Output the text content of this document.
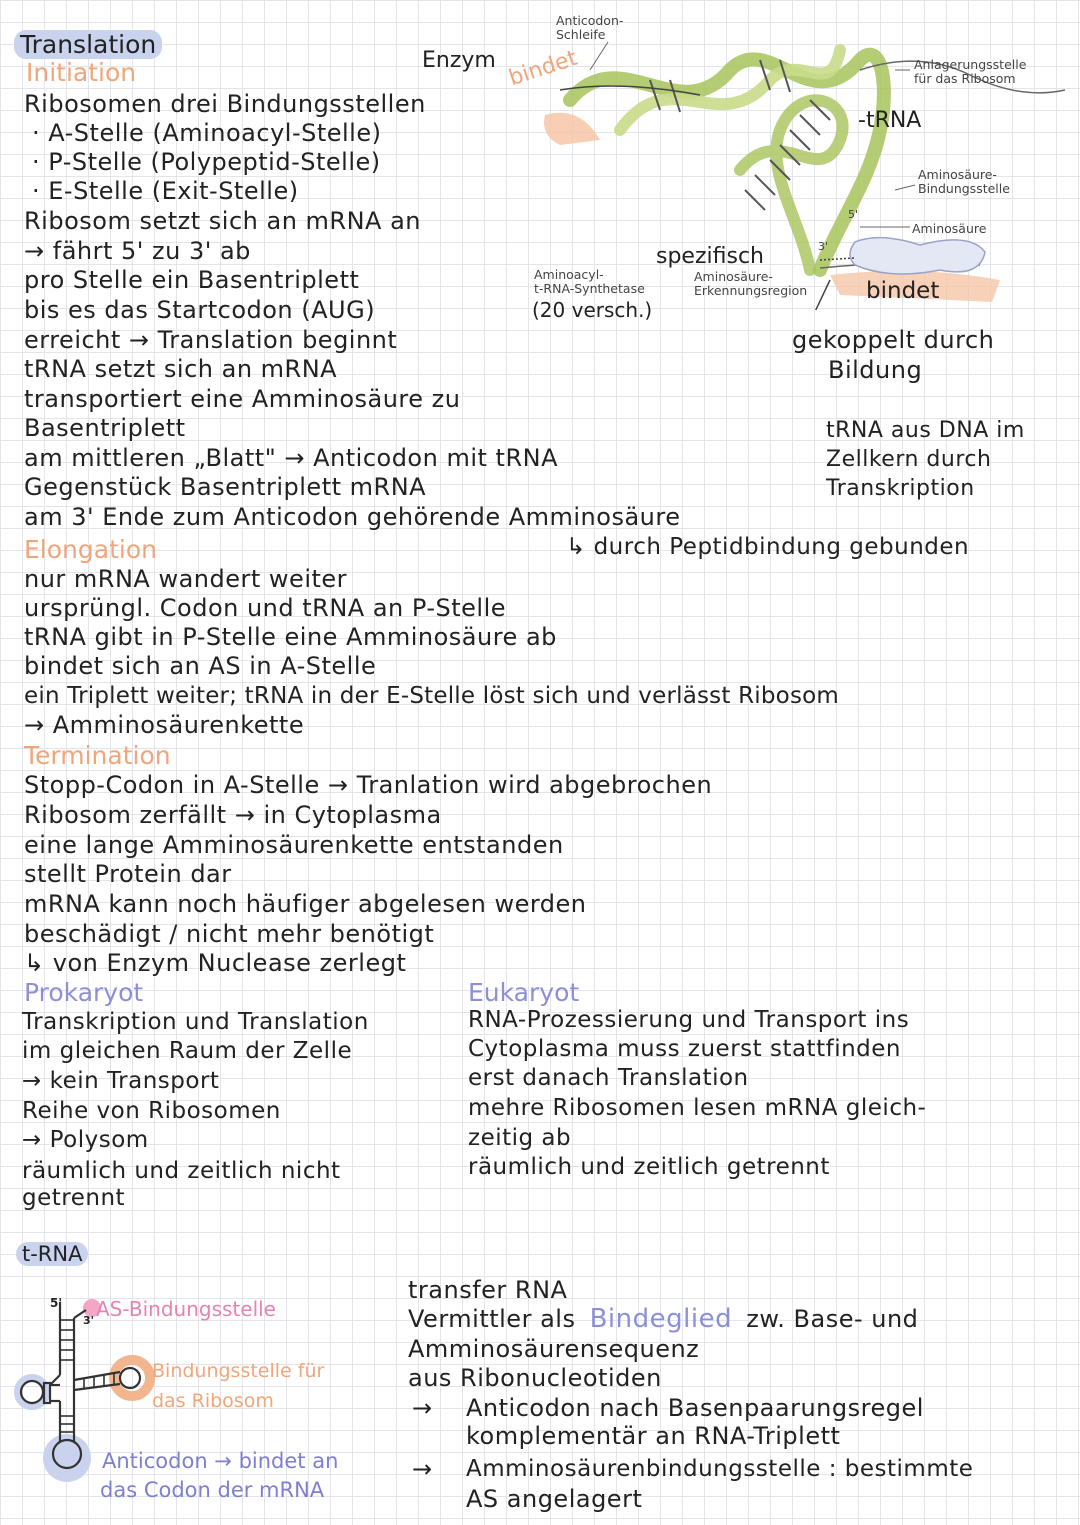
Translation
Initiation
Ribosomen drei Bindungsstellen
· A-Stelle (Aminoacyl-Stelle)
· P-Stelle (Polypeptid-Stelle)
· E-Stelle (Exit-Stelle)
Ribosom setzt sich an mRNA an
→ fährt 5' zu 3' ab
pro Stelle ein Basentriplett
bis es das Startcodon (AUG)
erreicht → Translation beginnt
tRNA setzt sich an mRNA
transportiert eine Amminosäure zu
Basentriplett
am mittleren „Blatt" → Anticodon mit tRNA
Gegenstück Basentriplett mRNA
am 3' Ende zum Anticodon gehörende Amminosäure
↳ durch Peptidbindung gebunden
Enzym bindet
Anticodon-
Schleife
Anlagerungsstelle
für das Ribosom
-tRNA
Aminosäure-
Bindungsstelle
Aminosäure
5'
3'
Aminoacyl-
t-RNA-Synthetase
(20 versch.)
spezifisch
Aminosäure-
Erkennungsregion	bindet
gekoppelt durch
Bildung
tRNA aus DNA im
Zellkern durch
Transkription
Elongation
nur mRNA wandert weiter
ursprüngl. Codon und tRNA an P-Stelle
tRNA gibt in P-Stelle eine Amminosäure ab
bindet sich an AS in A-Stelle
ein Triplett weiter; tRNA in der E-Stelle löst sich und verlässt Ribosom
→ Amminosäurenkette
Termination
Stopp-Codon in A-Stelle → Tranlation wird abgebrochen
Ribosom zerfällt → in Cytoplasma
eine lange Amminosäurenkette entstanden
stellt Protein dar
mRNA kann noch häufiger abgelesen werden
beschädigt / nicht mehr benötigt
↳ von Enzym Nuclease zerlegt
Prokaryot
Transkription und Translation
im gleichen Raum der Zelle
→ kein Transport
Reihe von Ribosomen
→ Polysom
räumlich und zeitlich nicht
getrennt
Eukaryot
RNA-Prozessierung und Transport ins
Cytoplasma muss zuerst stattfinden
erst danach Translation
mehre Ribosomen lesen mRNA gleich-
zeitig ab
räumlich und zeitlich getrennt
t-RNA
5'
3' AS-Bindungsstelle
Bindungsstelle für
das Ribosom
Anticodon → bindet an
das Codon der mRNA
transfer RNA
Vermittler als Bindeglied zw. Base- und
Amminosäurensequenz
aus Ribonucleotiden
→ Anticodon nach Basenpaarungsregel
komplementär an RNA-Triplett
→ Amminosäurenbindungsstelle : bestimmte
AS angelagert
